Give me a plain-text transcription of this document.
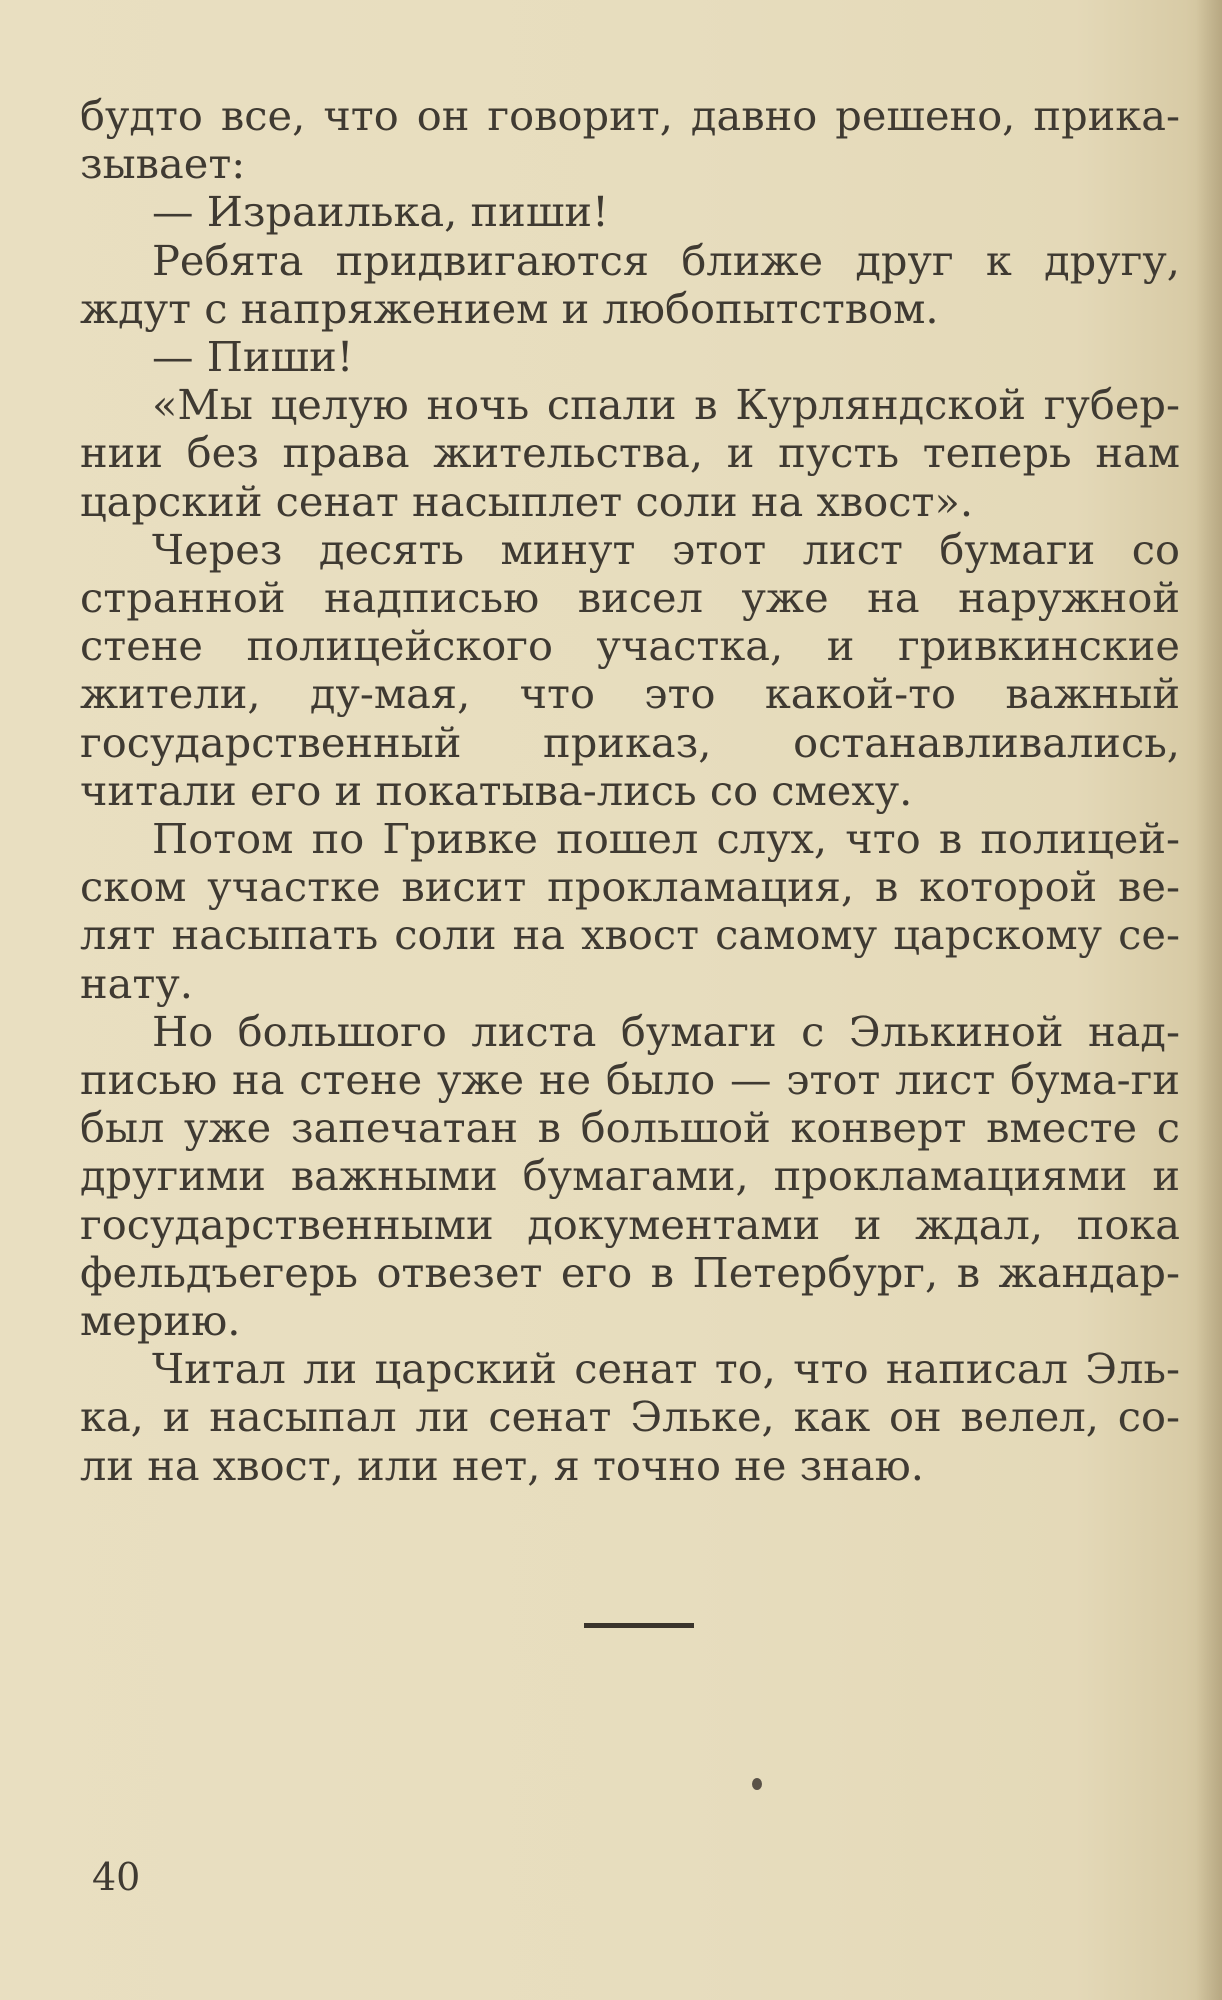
будто все, что он говорит, давно решено, прика-зывает:

— Израилька, пиши!

Ребята придвигаются ближе друг к другу, ждут с напряжением и любопытством.

— Пиши!

«Мы целую ночь спали в Курляндской губер-нии без права жительства, и пусть теперь нам царский сенат насыплет соли на хвост».

Через десять минут этот лист бумаги со странной надписью висел уже на наружной стене полицейского участка, и гривкинские жители, ду-мая, что это какой-то важный государственный приказ, останавливались, читали его и покатыва-лись со смеху.

Потом по Гривке пошел слух, что в полицей-ском участке висит прокламация, в которой ве-лят насыпать соли на хвост самому царскому се-нату.

Но большого листа бумаги с Элькиной над-писью на стене уже не было — этот лист бума-ги был уже запечатан в большой конверт вместе с другими важными бумагами, прокламациями и государственными документами и ждал, пока фельдъегерь отвезет его в Петербург, в жандар-мерию.

Читал ли царский сенат то, что написал Эль-ка, и насыпал ли сенат Эльке, как он велел, со-ли на хвост, или нет, я точно не знаю.

40
